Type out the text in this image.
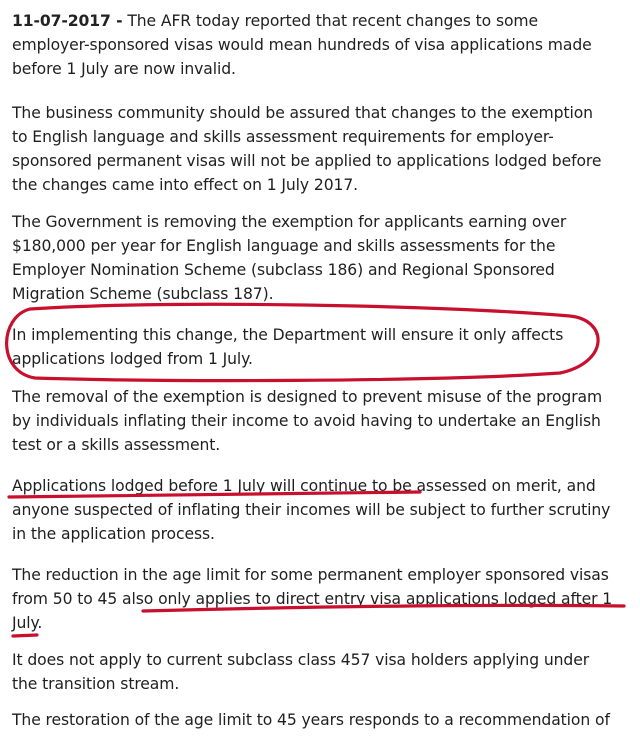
11-07-2017 - The AFR today reported that recent changes to some
employer-sponsored visas would mean hundreds of visa applications made
before 1 July are now invalid.

The business community should be assured that changes to the exemption
to English language and skills assessment requirements for employer-
sponsored permanent visas will not be applied to applications lodged before
the changes came into effect on 1 July 2017.

The Government is removing the exemption for applicants earning over
$180,000 per year for English language and skills assessments for the
Employer Nomination Scheme (subclass 186) and Regional Sponsored
Migration Scheme (subclass 187).

In implementing this change, the Department will ensure it only affects
applications lodged from 1 July.

The removal of the exemption is designed to prevent misuse of the program
by individuals inflating their income to avoid having to undertake an English
test or a skills assessment.

Applications lodged before 1 July will continue to be assessed on merit, and
anyone suspected of inflating their incomes will be subject to further scrutiny
in the application process.

The reduction in the age limit for some permanent employer sponsored visas
from 50 to 45 also only applies to direct entry visa applications lodged after 1
July.

It does not apply to current subclass class 457 visa holders applying under
the transition stream.

The restoration of the age limit to 45 years responds to a recommendation of
